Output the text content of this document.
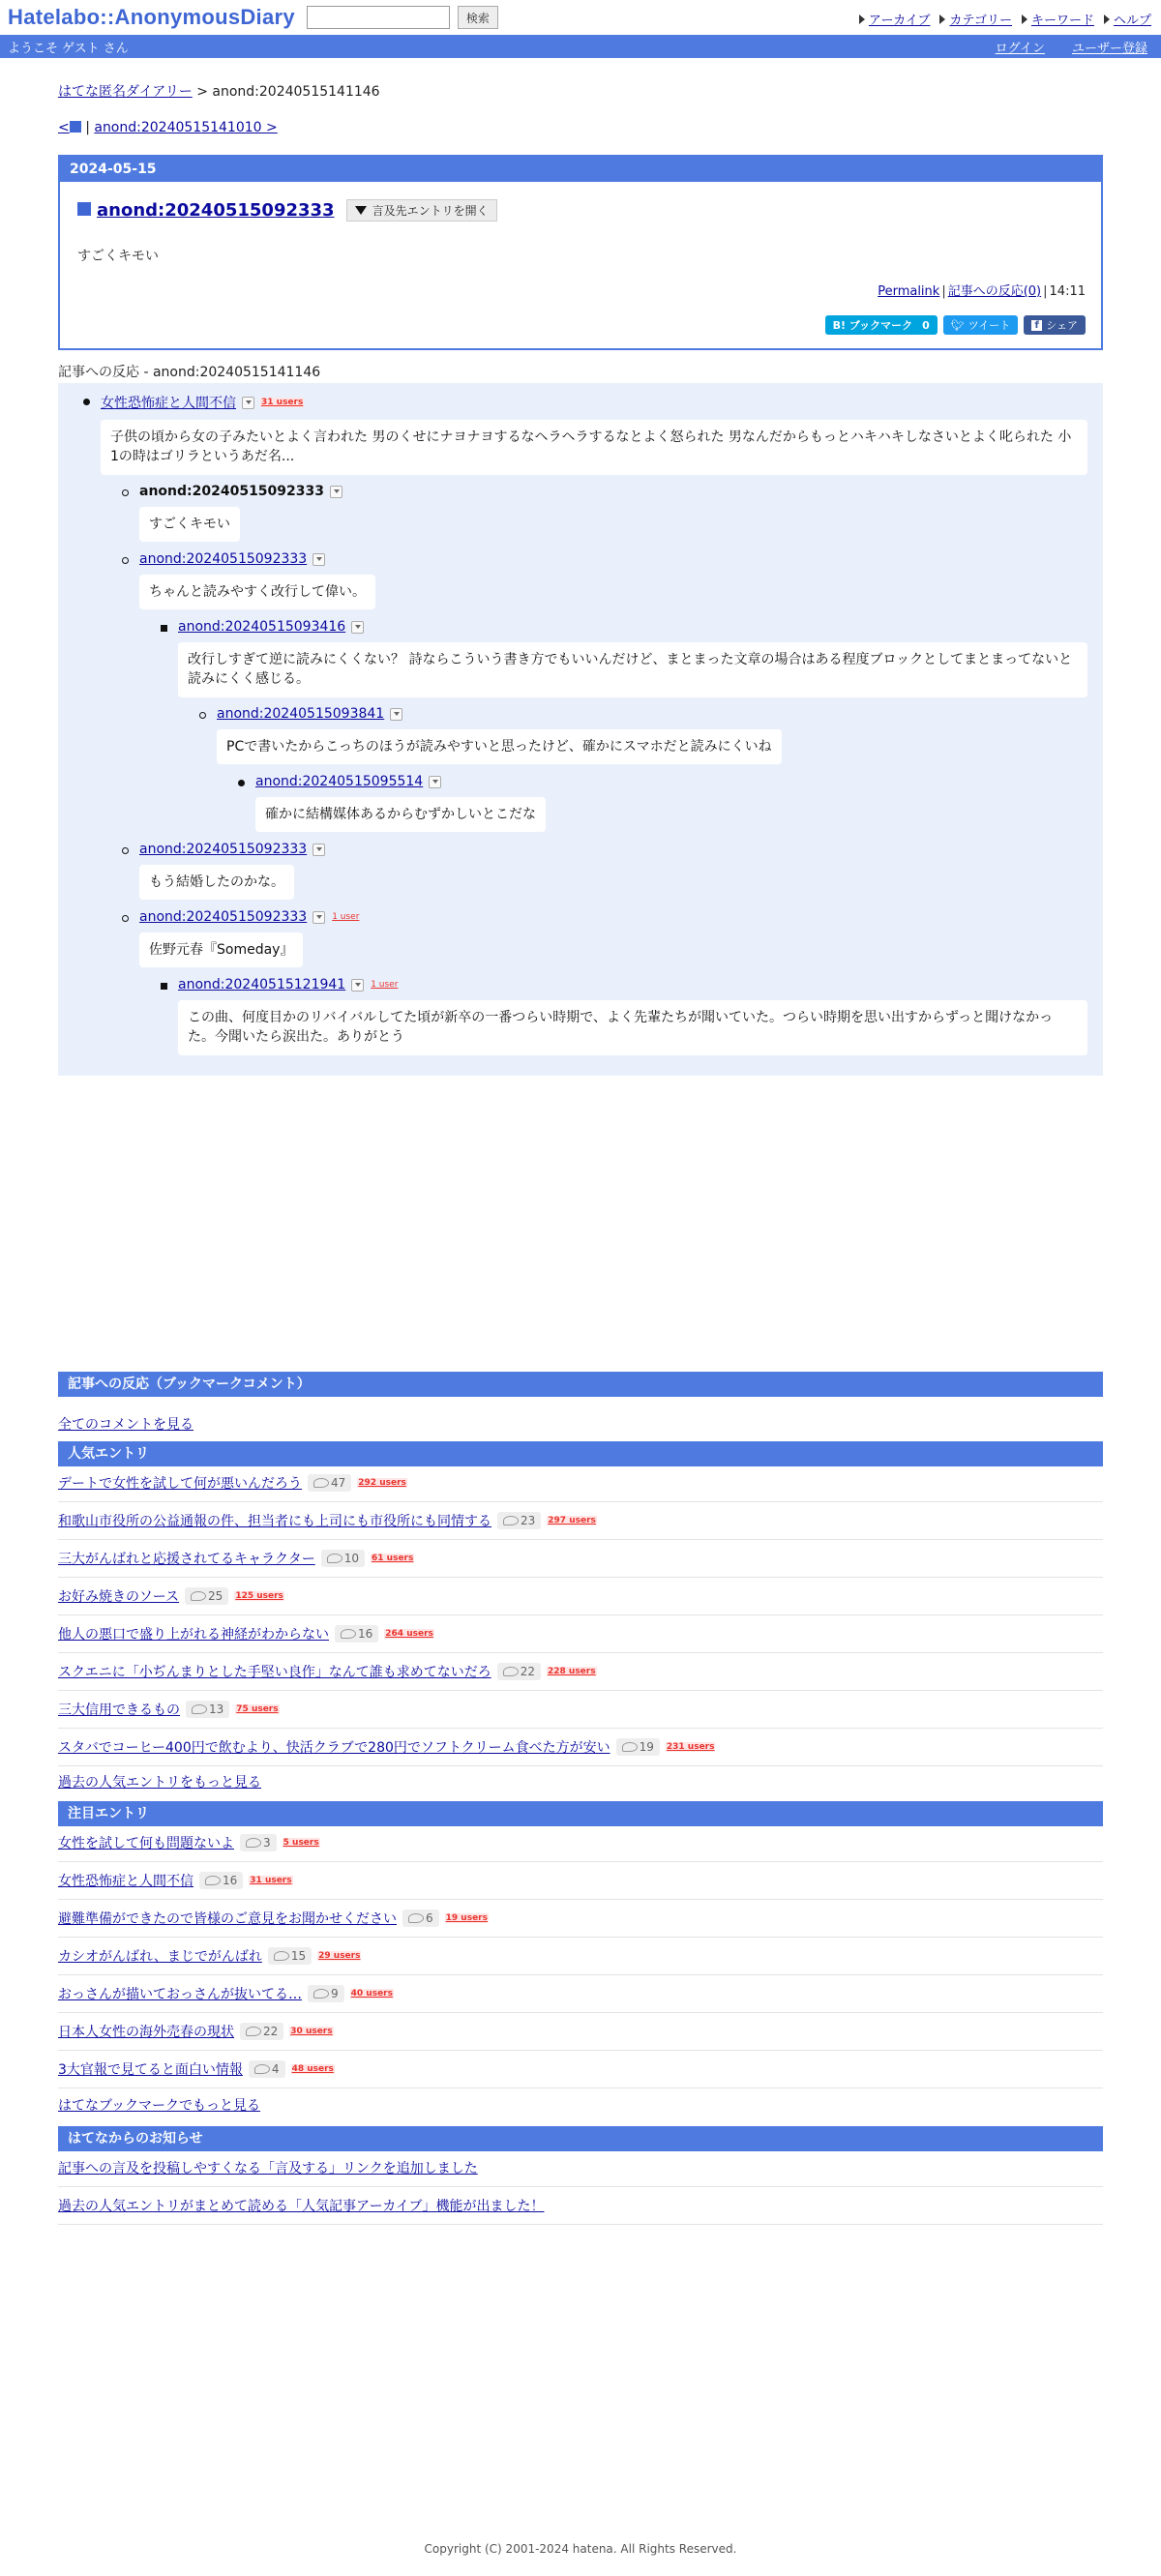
Hatelabo::AnonymousDiary	検索	アーカイブ カテゴリー キーワード ヘルプ
ようこそ ゲスト さん	ログイン ユーザー登録
はてな匿名ダイアリー > anond:20240515141146
< | anond:20240515141010 >
2024-05-15
anond:20240515092333	言及先エントリを開く
すごくキモい
Permalink | 記事への反応(0) | 14:11
B! ブックマーク 0 🐦︎ ツイート	f シェア
記事への反応 - anond:20240515141146
女性恐怖症と人間不信	31 users
子供の頃から女の子みたいとよく言われた 男のくせにナヨナヨするなヘラヘラするなとよく怒られた 男なんだからもっとハキハキしなさいとよく叱られた 小1の時はゴリラというあだ名...
anond:20240515092333
すごくキモい
anond:20240515092333
ちゃんと読みやすく改行して偉い。
anond:20240515093416
改行しすぎて逆に読みにくくない？ 詩ならこういう書き方でもいいんだけど、まとまった文章の場合はある程度ブロックとしてまとまってないと読みにくく感じる。
anond:20240515093841
PCで書いたからこっちのほうが読みやすいと思ったけど、確かにスマホだと読みにくいね
anond:20240515095514
確かに結構媒体あるからむずかしいとこだな
anond:20240515092333
もう結婚したのかな。
anond:20240515092333	1 user
佐野元春『Someday』
anond:20240515121941	1 user
この曲、何度目かのリバイバルしてた頃が新卒の一番つらい時期で、よく先輩たちが聞いていた。つらい時期を思い出すからずっと聞けなかった。今聞いたら涙出た。ありがとう
記事への反応（ブックマークコメント）
全てのコメントを見る
人気エントリ
デートで女性を試して何が悪いんだろう	47 292 users
和歌山市役所の公益通報の件、担当者にも上司にも市役所にも同情する	23 297 users
三大がんばれと応援されてるキャラクター	10 61 users
お好み焼きのソース	25 125 users
他人の悪口で盛り上がれる神経がわからない	16 264 users
スクエニに「小ぢんまりとした手堅い良作」なんて誰も求めてないだろ	22 228 users
三大信用できるもの	13 75 users
スタバでコーヒー400円で飲むより、快活クラブで280円でソフトクリーム食べた方が安い	19 231 users
過去の人気エントリをもっと見る
注目エントリ
女性を試して何も問題ないよ	3 5 users
女性恐怖症と人間不信	16 31 users
避難準備ができたので皆様のご意見をお聞かせください	6 19 users
カシオがんばれ、まじでがんばれ	15 29 users
おっさんが描いておっさんが抜いてる…	9 40 users
日本人女性の海外売春の現状	22 30 users
3大官報で見てると面白い情報	4 48 users
はてなブックマークでもっと見る
はてなからのお知らせ
記事への言及を投稿しやすくなる「言及する」リンクを追加しました
過去の人気エントリがまとめて読める「人気記事アーカイブ」機能が出ました！
Copyright (C) 2001-2024 hatena. All Rights Reserved.
